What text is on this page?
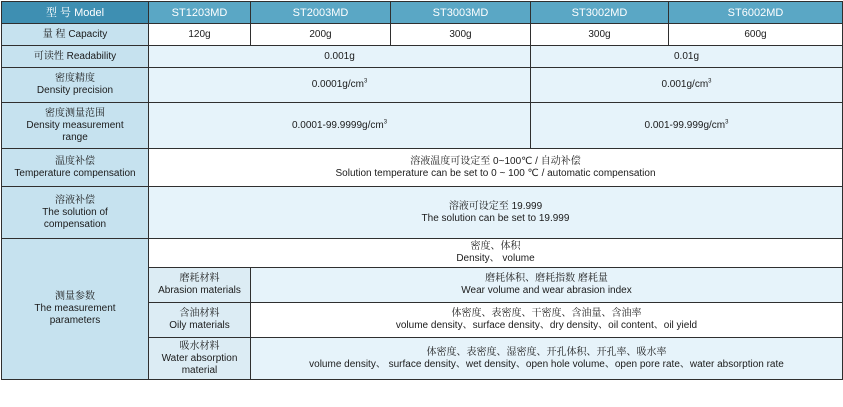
型 号 Model	ST1203MD	ST2003MD	ST3003MD	ST3002MD	ST6002MD
量 程 Capacity	120g	200g	300g	300g	600g
可读性 Readability	0.001g			0.01g	

密度精度
Density precision	$0.0001g/cm^3$			$0.001g/cm^3$

密度测量范围
Density measurement
range	$0.0001-99.9999g/cm^3$			$0.001-99.999g/cm^3$

温度补偿
Temperature compensation	溶液温度可设定至 0~100℃ / 自动补偿
Solution temperature can be set to 0 ~ 100 ℃ / automatic compensation				

溶液补偿
The solution of
compensation	溶液可设定至 19.999
The solution can be set to 19.999				

测量参数
The measurement
parameters	密度、体积
Density、 volume				

	磨耗材料
Abrasion materials	磨耗体积、磨耗指数 磨耗量
Wear volume and wear abrasion index			

	含油材料
Oily materials	体密度、表密度、干密度、含油量、含油率
volume density、surface density、dry density、oil content、oil yield			

	吸水材料
Water absorption
material	体密度、表密度、湿密度、开孔体积、开孔率、吸水率
volume density、 surface density、wet density、open hole volume、open pore rate、water absorption rate			
